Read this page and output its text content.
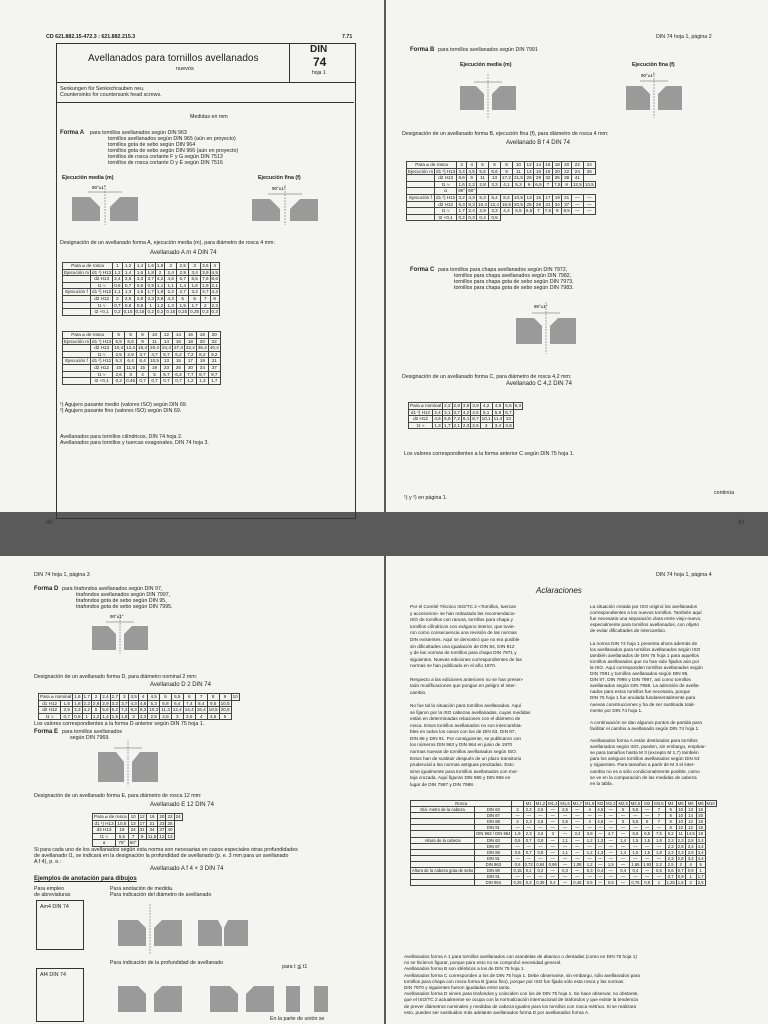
CD 621.882.15-472.3 : 621.882.215.3	7.71
Avellanados para tornillos avellanados
nuevos
DIN
74
hoja 1
Senkungen für Senkschrauben neu.
Countersinks for countersunk head screws.
Medidas en mm
Forma A para tornillos avellanados según DIN 963
tornillos avellanados según DIN 965 (aún en proyecto)
tornillos gota de sebo según DIN 964
tornillos gota de sebo según DIN 966 (aún en proyecto)
tornillos de rosca cortante F y G según DIN 7513
tornillos de rosca cortante D y E según DIN 7516
Ejecución media (m)	Ejecución fina (f)
90°±1°	90°±1°
Designación de un avellanado forma A, ejecución media (m), para diámetro de rosca 4 mm:
Avellanado A m 4 DIN 74
Para ⌀ de rosca		1	1,2	1,4	1,6	1,8	2	2,5	3	3,5	4
Ejecución m	d1 ¹) H13	1,2	1,4	1,6	1,8	2	2,4	2,9	3,4	3,9	4,5
	d2 H13	2,4	2,8	3,3	3,7	4,2	4,6	5,7	6,5	7,6	8,6
	t1 ≈	0,6	0,7	0,8	0,9	1,1	1,1	1,4	1,6	1,9	2,1
Ejecución f	d1 ²) H12	1,1	1,3	1,5	1,7	1,9	2,2	2,7	3,2	3,7	4,3
	d2 H12	2	2,5	2,8	3,3	3,8	4,3	5	6	7	8
	t1 ≈	0,7	0,8	0,9	1	1,2	1,3	1,5	1,7	2	2,3
	t2 +0,1	0,2	0,15	0,15	0,2	0,2	0,15	0,25	0,25	0,3	0,3
Para ⌀ de rosca		5	6	8	10	12	14	16	18	20
Ejecución m	d1 ¹) H13	5,5	6,6	9	11	14	16	18	20	22
	d2 H13	10,4	12,4	16,4	20,4	24,4	27,4	32,4	36,4	40,4
	t1 ≈	2,5	2,9	3,7	4,7	5,7	6,2	7,2	8,2	9,2
Ejecución f	d1 ²) H12	5,3	6,4	8,4	10,5	13	15	17	19	21
	d2 H12	10	11,5	15	19	23	26	30	34	37
	t1 ≈	2,6	3	4	5	5,7	6,2	7,7	8,7	9,7
	t2 +0,1	0,3	0,45	0,7	0,7	0,7	0,7	1,2	1,3	1,7
¹) Agujero pasante medio (valores ISO) según DIN 69.
²) Agujero pasante fino (valores ISO) según DIN 69.
Avellanados para tornillos cilíndricos, DIN 74 hoja 2.
Avellanados para tornillos y tuercas exagonales, DIN 74 hoja 3.
40
DIN 74 hoja 1, página 2
Forma B para tornillos avellanados según DIN 7991
Ejecución media (m)	Ejecución fina (f)
90°±1°
Designación de un avellanado forma B, ejecución fina (f), para diámetro de rosca 4 mm:
Avellanado B f 4 DIN 74
Para ⌀ de rosca		3	4	5	6	8	10	12	14	16	18	20	22	24
Ejecución m	d1 ¹) H13	3,4	4,5	5,5	6,6	9	11	14	16	18	20	22	24	26
	d2 H13	6,6	9	11	13	17,2	21,5	26	29	32	35	38	41	
	t1 ≈	1,6	2,3	2,8	3,3	4,1	5,3	6	6,5	7	7,5	8	12,5	13,5
	α	90°	60°											
Ejecución f	d1 ²) H12	3,2	4,3	5,3	6,4	8,4	10,5	13	15	17	19	21	—	—
	d2 H12	6,3	8,3	10,4	12,4	16,5	20,5	25	28	31	34	37	—	—
	t1 ≈	1,7	2,4	2,9	3,3	4,4	5,5	6,5	7	7,5	8	8,5	—	—
	t2 +0,1	0,2	0,3	0,4	0,5									
Forma C para tornillos para chapa avellanados según DIN 7972,
tornillos para chapa avellanados según DIN 7982,
tornillos para chapa gota de sebo según DIN 7973,
tornillos para chapa gota de sebo según DIN 7983.
90°±1°
Designación de un avellanado forma C, para diámetro de rosca 4,2 mm:
Avellanado C 4,2 DIN 74
Para ⌀ nominal		2,2	2,9	3,5	3,9	4,2	4,8	5,5	6,3
d1 ¹) H12	2,4	3,1	3,7	4,2	4,5	5,1	5,8	6,7	
d2 H12	4,6	5,9	7,2	8,1	8,7	10,1	11,4	13	
t1 ≈	1,3	1,7	2,1	2,3	2,5	3	3,4	3,8	
Los valores correspondientes a la forma anterior C según DIN 75 hoja 1.
¹) y ²) en página 1.
continúa
41
DIN 74 hoja 1, página 3
Forma D para tirafondos avellanados según DIN 97,
tirafondos avellanados según DIN 7997,
tirafondos gota de sebo según DIN 95,
tirafondos gota de sebo según DIN 7995.
90°±1°
Designación de un avellanado forma D, para diámetro nominal 2 mm:
Avellanado D 2 DIN 74
Para ⌀ nominal		1,6	1,7	2	2,4	2,7	3	3,5	4	4,5	5	5,5	6	7	8	9	10
d1 H12	1,5	1,8	2,2	2,6	2,9	3,2	3,7	4,3	4,8	5,3	5,8	6,4	7,4	8,4	9,5	10,5	
d2 H12	2,9	3,3	4,2	5	5,6	6,2	7,2	8,3	9,3	10,3	11,3	12,4	14,4	16,4	18,5	20,5	
t1 ≈	0,7	0,8	1	1,2	1,4	1,5	1,8	2	2,3	2,5	2,8	3	3,5	4	4,5	5	
Los valores correspondientes a la forma D anterior según DIN 75 hoja 1.
Forma E para tornillos avellanados
según DIN 7969.
Designación de un avellanado forma E, para diámetro de rosca 12 mm:
Avellanado E 12 DIN 74
Para ⌀ de rosca		10	12	16	20	22	24
d1 ¹) H13	10,5	13	17	21	23	25	
d2 H13	19	24	31	34	37	40	
t1 ≈	5,5	7	9	11,5	12	13	
α	75°	60°					
Si para cada uno de los avellanados según esta norma son necesarias en casos especiales otras profundidades
de avellanado t1, se indicará en la designación la profundidad de avellanado (p. e. 3 mm para un avellanado
A f 4), p. e.:
Avellanado A f 4 × 3 DIN 74
Ejemplos de anotación para dibujos
Para empleo
de abreviaturas
Para anotación de medida.
Para indicación del diámetro de avellanado
Am4 DIN 74
Para indicación de la profundidad de avellanado
para t ≦ t1
Af4 DIN 74
En la parte de unión se
DIN 74 hoja 1, página 4
Aclaraciones
Por el Comité Técnico ISO/TC 2 «Tornillos, tuercas
y accesorios» se han redactado las recomendacio-
ISO de tornillos con ranura, tornillos para chapa y
tornillos cilíndricos con exágono interior, que tuvie-
ron como consecuencia una revisión de las normas
DIN existentes. Aquí se demostró que no era posible
sin dificultades una igualación de DIN 84, DIN 912
y de las normas de tornillos para chapa DIN 7971 y
siguientes. Nuevas ediciones correspondientes de las
normas se han publicado en el año 1970.
Respecto a las ediciones anteriores no se han presen-
tado modificaciones que pongan en peligro el inter-
cambio.
No fue tal la situación para tornillos avellanados. Aquí
se fijaron por la ISO cabezas avellanadas, cuyas medidas
están en determinadas relaciones con el diámetro de
rosca. Estos tornillos avellanados no son intercambia-
bles en todos los casos con los de DIN 63, DIN 87,
DIN 88 y DIN 91. Por consiguiente, se publicaron con
los números DIN 963 y DIN 964 en junio de 1970
normas nuevas de tornillos avellanados según ISO.
Estos han de sustituir después de un plazo transitorio
prudencial a las normas antiguas precitadas. Esto
sirve igualmente para tornillos avellanados con mor-
taja cruzada. Aquí figuran DIN 965 y DIN 966 en
lugar de DIN 7987 y DIN 7988.
La situación creada por ISO originó los avellanados
correspondientes a los nuevos tornillos. También aquí
fue necesaria una separación clara entre viejo-nuevo,
especialmente para tornillos avellanados, con objeto
de evitar dificultades de intercambio.
La norma DIN 74 hoja 1 presenta ahora además de
los avellanados para tornillos avellanados según ISO
también avellanados de DIN 75 hoja 1 para aquellos
tornillos avellanados que no han sido fijados aún por
la ISO. Aquí corresponden tornillos avellanados según
DIN 7991 y tornillos avellanados según DIN 95,
DIN 97, DIN 7995 y DIN 7997, así como tornillos
avellanados según DIN 7969. La admisión de avella-
nados para estos tornillos fue necesaria, porque
DIN 75 hoja 1 fue anulada fundamentalmente para
nuevas construcciones y ha de ser sustituida total-
mente por DIN 74 hoja 1.
A continuación se dan algunos puntos de partida para
facilitar el cambio a avellanado según DIN 74 hoja 1.
Avellanados forma A están destinados para tornillos
avellanados según ISO, pueden, sin embargo, emplear-
se para tamaños hasta M 3 (excepto M 1,7) también
para los antiguos tornillos avellanados según DIN 63
y siguientes. Para tamaños a partir de M 3 el inter-
cambio no es a sólo condicionalmente posible, como
se ve en la comparación de las medidas de cabeza
en la tabla.
Rosca			M1	M1,2	M1,4	M1,6	M1,7	M1,8	M2	M2,3	M2,5	M2,6	M3	M3,5	M4	M5	M6	M8	M10
Diá- metro de la cabeza	DIN 63	2	2,3	2,6	—	3,5	—	4	4,5	—	5	5,5	—	7	9	10	13	16	
	DIN 87	—	—	—	—	—	—	—	—	—	—	—	—	7	8	10	14	20	
	DIN 88	2	2,3	2,6	—	3,5	—	4	4,5	—	5	5,5	6	7	8	10	12	16	
	DIN 91	—	—	—	—	—	—	—	—	—	—	—	—	—	8	10	12	16	
	DIN 963 / DIN 964	1,9	2,3	2,6	3	—	3,4	3,8	—	4,7	—	5,6	6,5	7,5	9,2	11	14,5	18	
Altura de la cabeza	DIN 63	0,6	0,7	0,8	—	1,1	—	1,2	1,3	—	1,4	1,5	1,5	1,8	2,3	2,3	2,8	3,4	
	DIN 87	—	—	—	—	—	—	—	—	—	—	—	—	—	2,3	2,8	3,4	4,4	
	DIN 88	0,6	0,7	0,8	—	1,1	—	1,2	1,3	—	1,4	1,5	1,5	1,8	2,3	2,3	2,8	3,4	
	DIN 91	—	—	—	—	—	—	—	—	—	—	—	—	—	2,3	2,8	3,4	4,4	
	DIN 963	0,6	0,72	0,84	0,96	—	1,08	1,2	—	1,5	—	1,65	1,93	2,2	2,5	3	4	5	
Altura de la cabeza gota de sebo	DIN 88	0,15	0,2	0,2	—	0,3	—	0,3	0,4	—	0,4	0,4	—	0,5	0,6	0,7	0,9	1	
	DIN 91	—	—	—	—	—	—	—	—	—	—	—	—	—	0,7	0,9	1	1,7	
	DIN 964	0,25	0,3	0,35	0,4	—	0,45	0,5	—	0,6	—	0,75	0,9	1	1,25	1,5	2	2,5	
Avellanados forma A 1 para tornillos avellanados con arandelas de abanico o dentadas (como en DIN 75 hoja 1)
no se hicieron figurar, porque para esto no se comprobó necesidad general.
Avellanados forma B son idénticos a los de DIN 75 hoja 1.
Avellanados forma C corresponden a los de DIN 75 hoja 1. Debe observarse, sin embargo, sólo avellanados para
tornillos para chapa con rosca forma B (paso fino), porque por ISO fue fijada sólo esta rosca y las normas
DIN 7970 y siguientes fueron igualadas entre tanto.
Avellanados forma D sirven para tirafondos y coinciden con los de DIN 75 hoja 1. Se hace observar, no obstante,
que el ISO/TC 2 actualmente se ocupa con la normalización internacional de tirafondos y que existe la tendencia
de prever diámetros nominales y medidas de cabeza iguales para los tornillos con rosca métrica. Si se realizara
esto, pueden ser sustituidos más adelante avellanados forma D por avellanados forma A.
